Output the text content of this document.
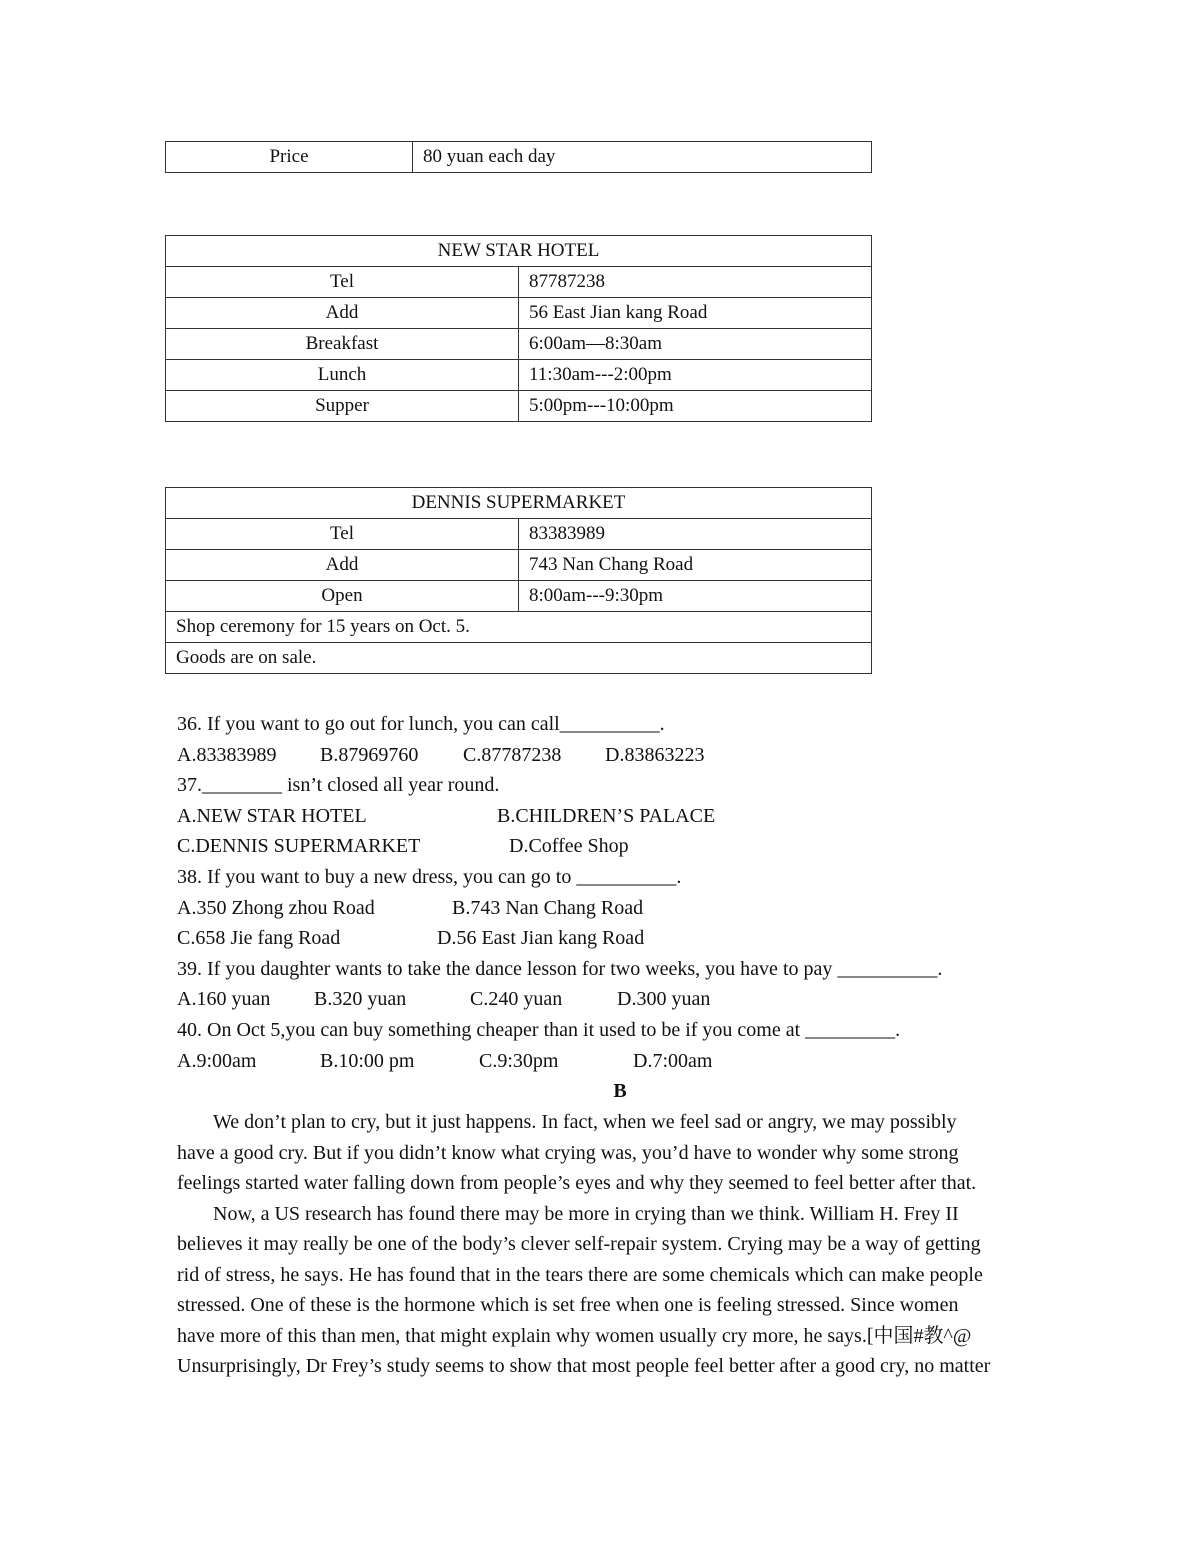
Price	80 yuan each day
NEW STAR HOTEL	
Tel	87787238
Add	56 East Jian kang Road
Breakfast	6:00am—8:30am
Lunch	11:30am---2:00pm
Supper	5:00pm---10:00pm
DENNIS SUPERMARKET	
Tel	83383989
Add	743 Nan Chang Road
Open	8:00am---9:30pm
Shop ceremony for 15 years on Oct. 5.	
Goods are on sale.	
36. If you want to go out for lunch, you can call__________.
A.83383989 B.87969760 C.87787238 D.83863223
37.________ isn’t closed all year round.
A.NEW STAR HOTEL	B.CHILDREN’S PALACE
C.DENNIS SUPERMARKET	D.Coffee Shop
38. If you want to buy a new dress, you can go to __________.
A.350 Zhong zhou Road	B.743 Nan Chang Road
C.658 Jie fang Road	D.56 East Jian kang Road
39. If you daughter wants to take the dance lesson for two weeks, you have to pay __________.
A.160 yuan B.320 yuan	C.240 yuan	D.300 yuan
40. On Oct 5,you can buy something cheaper than it used to be if you come at _________.
A.9:00am	B.10:00 pm	C.9:30pm	D.7:00am
B
We don’t plan to cry, but it just happens. In fact, when we feel sad or angry, we may possibly
have a good cry. But if you didn’t know what crying was, you’d have to wonder why some strong
feelings started water falling down from people’s eyes and why they seemed to feel better after that.
Now, a US research has found there may be more in crying than we think. William H. Frey II
believes it may really be one of the body’s clever self-repair system. Crying may be a way of getting
rid of stress, he says. He has found that in the tears there are some chemicals which can make people
stressed. One of these is the hormone which is set free when one is feeling stressed. Since women
have more of this than men, that might explain why women usually cry more, he says.[中国#教^@
Unsurprisingly, Dr Frey’s study seems to show that most people feel better after a good cry, no matter
